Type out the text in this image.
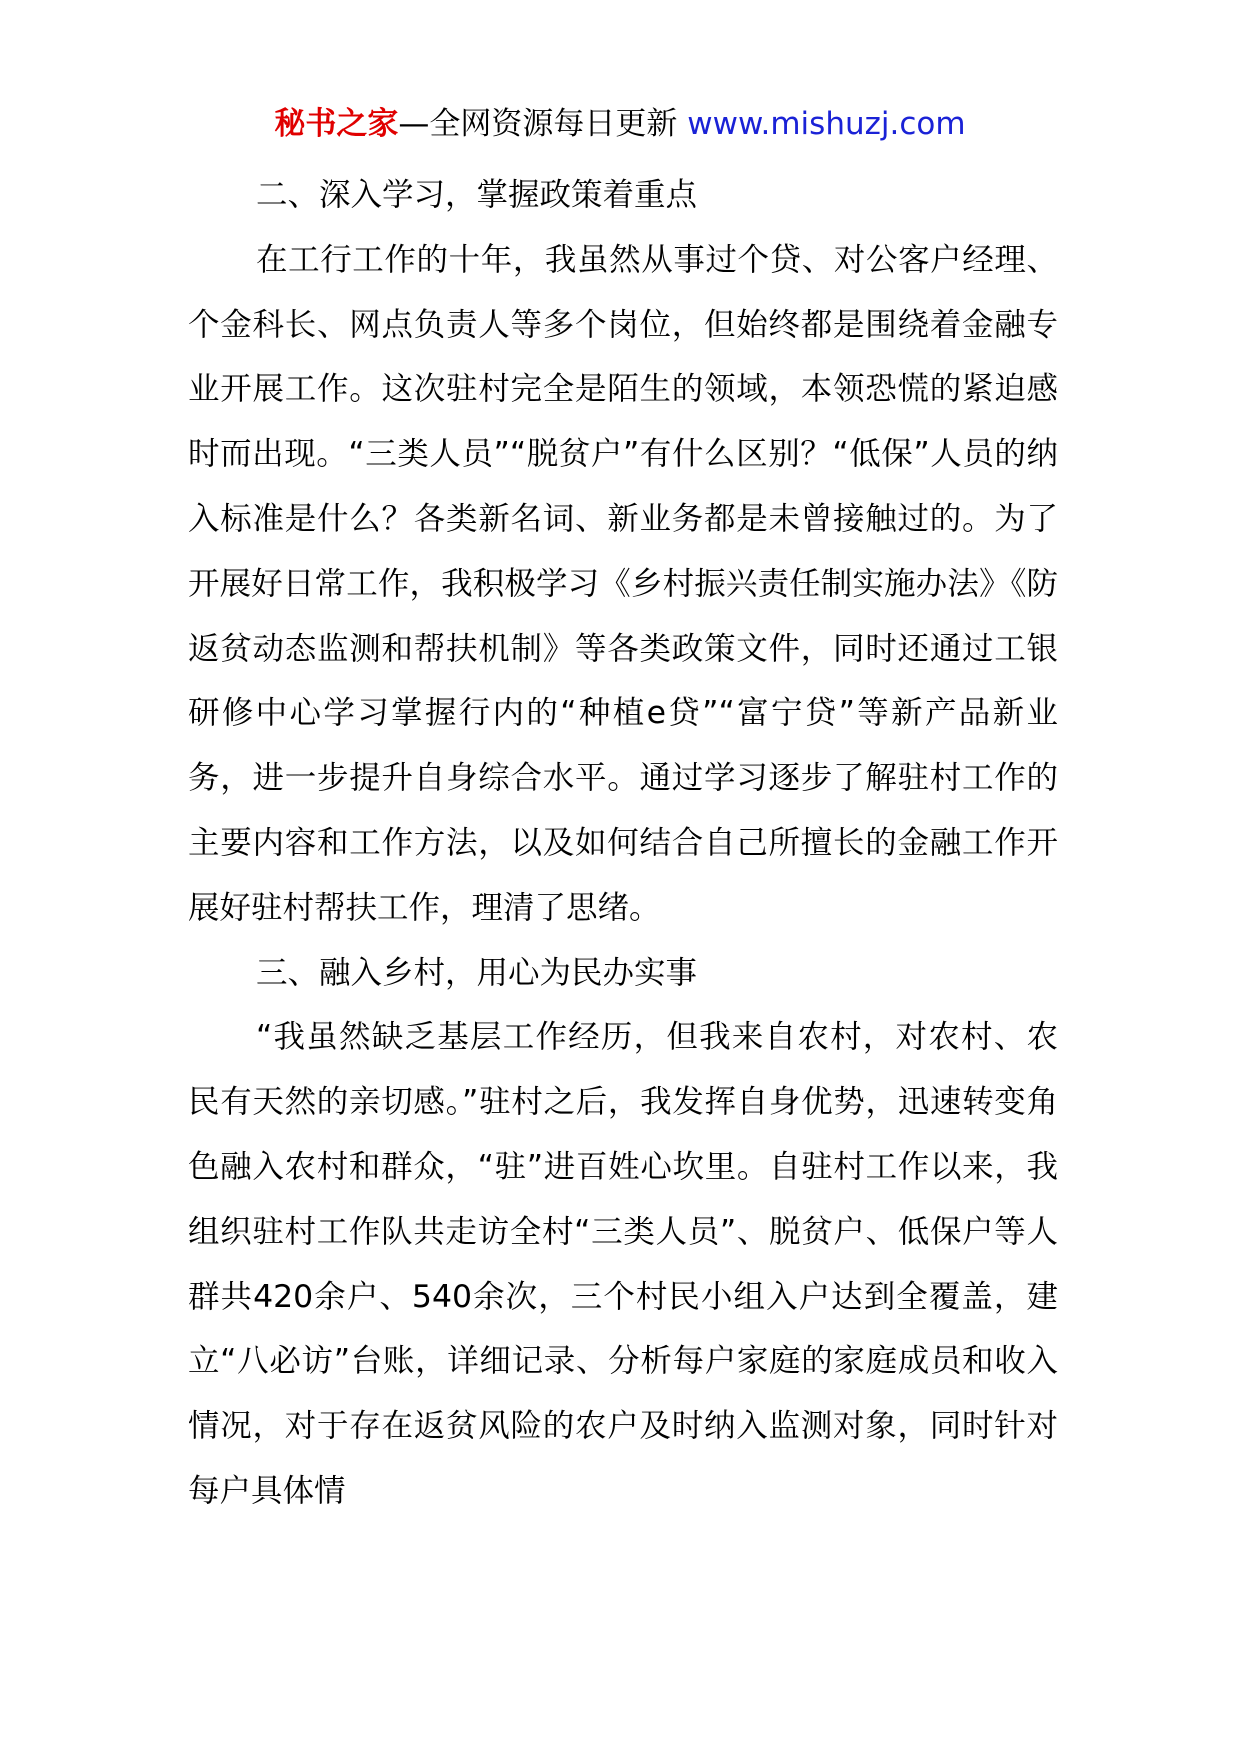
秘书之家—全网资源每日更新 www.mishuzj.com

二、深入学习，掌握政策着重点

在工行工作的十年，我虽然从事过个贷、对公客户经理、个金科长、网点负责人等多个岗位，但始终都是围绕着金融专业开展工作。这次驻村完全是陌生的领域，本领恐慌的紧迫感时而出现。“三类人员”“脱贫户”有什么区别？“低保”人员的纳入标准是什么？各类新名词、新业务都是未曾接触过的。为了开展好日常工作，我积极学习《乡村振兴责任制实施办法》《防返贫动态监测和帮扶机制》等各类政策文件，同时还通过工银研修中心学习掌握行内的“种植e贷”“富宁贷”等新产品新业务，进一步提升自身综合水平。通过学习逐步了解驻村工作的主要内容和工作方法，以及如何结合自己所擅长的金融工作开展好驻村帮扶工作，理清了思绪。

三、融入乡村，用心为民办实事

“我虽然缺乏基层工作经历，但我来自农村，对农村、农民有天然的亲切感。”驻村之后，我发挥自身优势，迅速转变角色融入农村和群众，“驻”进百姓心坎里。自驻村工作以来，我组织驻村工作队共走访全村“三类人员”、脱贫户、低保户等人群共420余户、540余次，三个村民小组入户达到全覆盖，建立“八必访”台账，详细记录、分析每户家庭的家庭成员和收入情况，对于存在返贫风险的农户及时纳入监测对象，同时针对每户具体情
